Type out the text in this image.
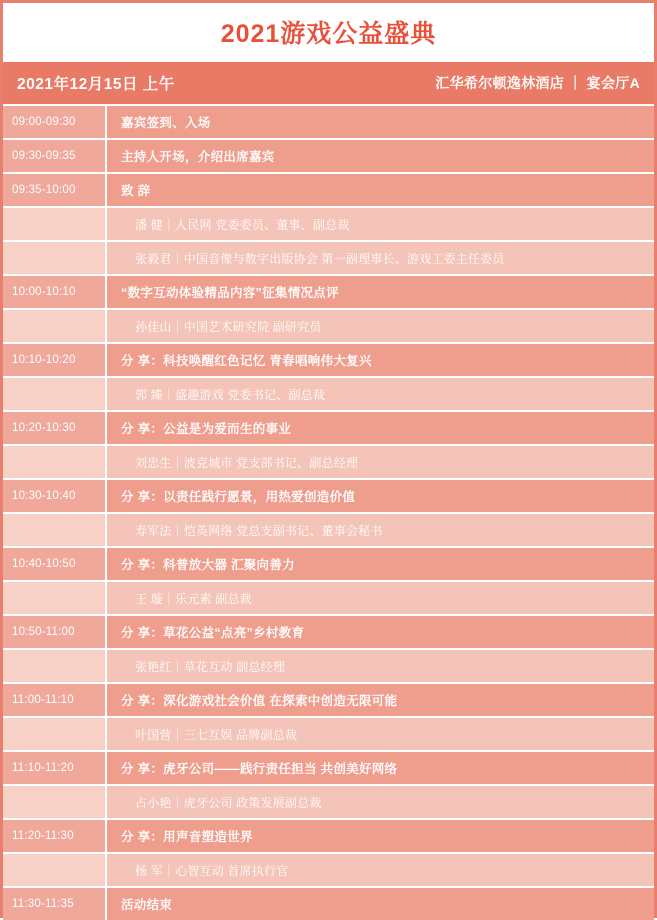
2021游戏公益盛典
2021年12月15日 上午	汇华希尔顿逸林酒店 ｜ 宴会厅A
09:00-09:30	嘉宾签到、入场
09:30-09:35	主持人开场，介绍出席嘉宾
09:35-10:00	致 辞
潘 健｜人民网 党委委员、董事、副总裁
张毅君｜中国音像与数字出版协会 第一副理事长、游戏工委主任委员
10:00-10:10	“数字互动体验精品内容”征集情况点评
孙佳山｜中国艺术研究院 副研究员
10:10-10:20	分 享：科技唤醒红色记忆 青春唱响伟大复兴
郭 臻｜盛趣游戏 党委书记、副总裁
10:20-10:30	分 享：公益是为爱而生的事业
刘忠生｜波克城市 党支部书记、副总经理
10:30-10:40	分 享：以责任践行愿景，用热爱创造价值
寿军法｜恺英网络 党总支副书记、董事会秘书
10:40-10:50	分 享：科普放大器 汇聚向善力
王 璇｜乐元素 副总裁
10:50-11:00	分 享：草花公益“点亮”乡村教育
张艳红｜草花互动 副总经理
11:00-11:10	分 享：深化游戏社会价值 在探索中创造无限可能
叶国营｜三七互娱 品牌副总裁
11:10-11:20	分 享：虎牙公司——践行责任担当 共创美好网络
占小艳｜虎牙公司 政策发展副总裁
11:20-11:30	分 享：用声音塑造世界
杨 军｜心智互动 首席执行官
11:30-11:35	活动结束
